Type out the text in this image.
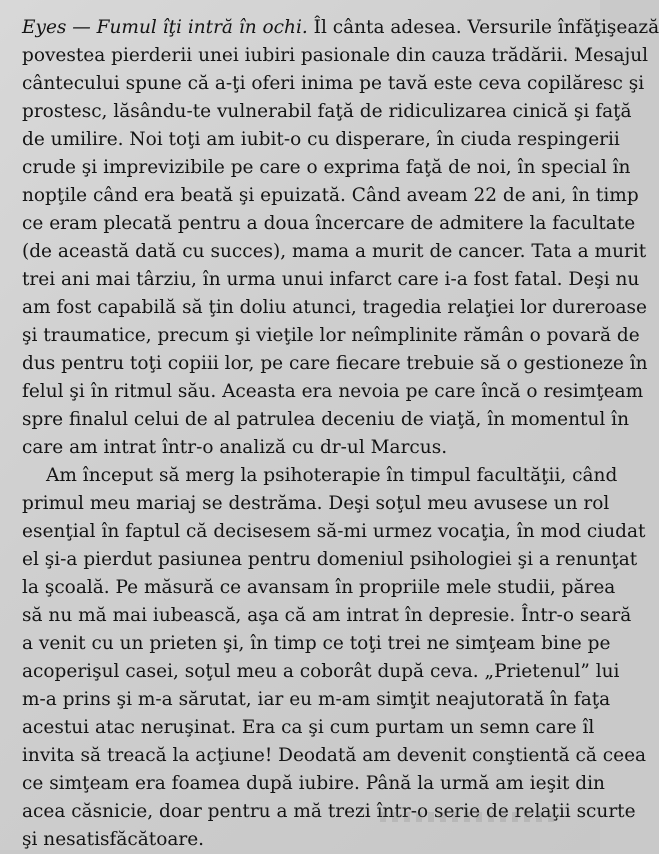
Eyes — Fumul îţi intră în ochi. Îl cânta adesea. Versurile înfăţişează
povestea pierderii unei iubiri pasionale din cauza trădării. Mesajul
cântecului spune că a-ţi oferi inima pe tavă este ceva copilăresc şi
prostesc, lăsându-te vulnerabil faţă de ridiculizarea cinică şi faţă
de umilire. Noi toţi am iubit-o cu disperare, în ciuda respingerii
crude şi imprevizibile pe care o exprima faţă de noi, în special în
nopţile când era beată şi epuizată. Când aveam 22 de ani, în timp
ce eram plecată pentru a doua încercare de admitere la facultate
(de această dată cu succes), mama a murit de cancer. Tata a murit
trei ani mai târziu, în urma unui infarct care i-a fost fatal. Deşi nu
am fost capabilă să ţin doliu atunci, tragedia relaţiei lor dureroase
şi traumatice, precum şi vieţile lor neîmplinite rămân o povară de
dus pentru toţi copiii lor, pe care fiecare trebuie să o gestioneze în
felul şi în ritmul său. Aceasta era nevoia pe care încă o resimţeam
spre finalul celui de al patrulea deceniu de viaţă, în momentul în
care am intrat într-o analiză cu dr-ul Marcus.
Am început să merg la psihoterapie în timpul facultăţii, când
primul meu mariaj se destrăma. Deşi soţul meu avusese un rol
esenţial în faptul că decisesem să-mi urmez vocaţia, în mod ciudat
el şi-a pierdut pasiunea pentru domeniul psihologiei şi a renunţat
la şcoală. Pe măsură ce avansam în propriile mele studii, părea
să nu mă mai iubească, aşa că am intrat în depresie. Într-o seară
a venit cu un prieten şi, în timp ce toţi trei ne simţeam bine pe
acoperişul casei, soţul meu a coborât după ceva. „Prietenul” lui
m-a prins şi m-a sărutat, iar eu m-am simţit neajutorată în faţa
acestui atac neruşinat. Era ca şi cum purtam un semn care îl
invita să treacă la acţiune! Deodată am devenit conştientă că ceea
ce simţeam era foamea după iubire. Până la urmă am ieşit din
acea căsnicie, doar pentru a mă trezi într-o serie de relaţii scurte
şi nesatisfăcătoare.
